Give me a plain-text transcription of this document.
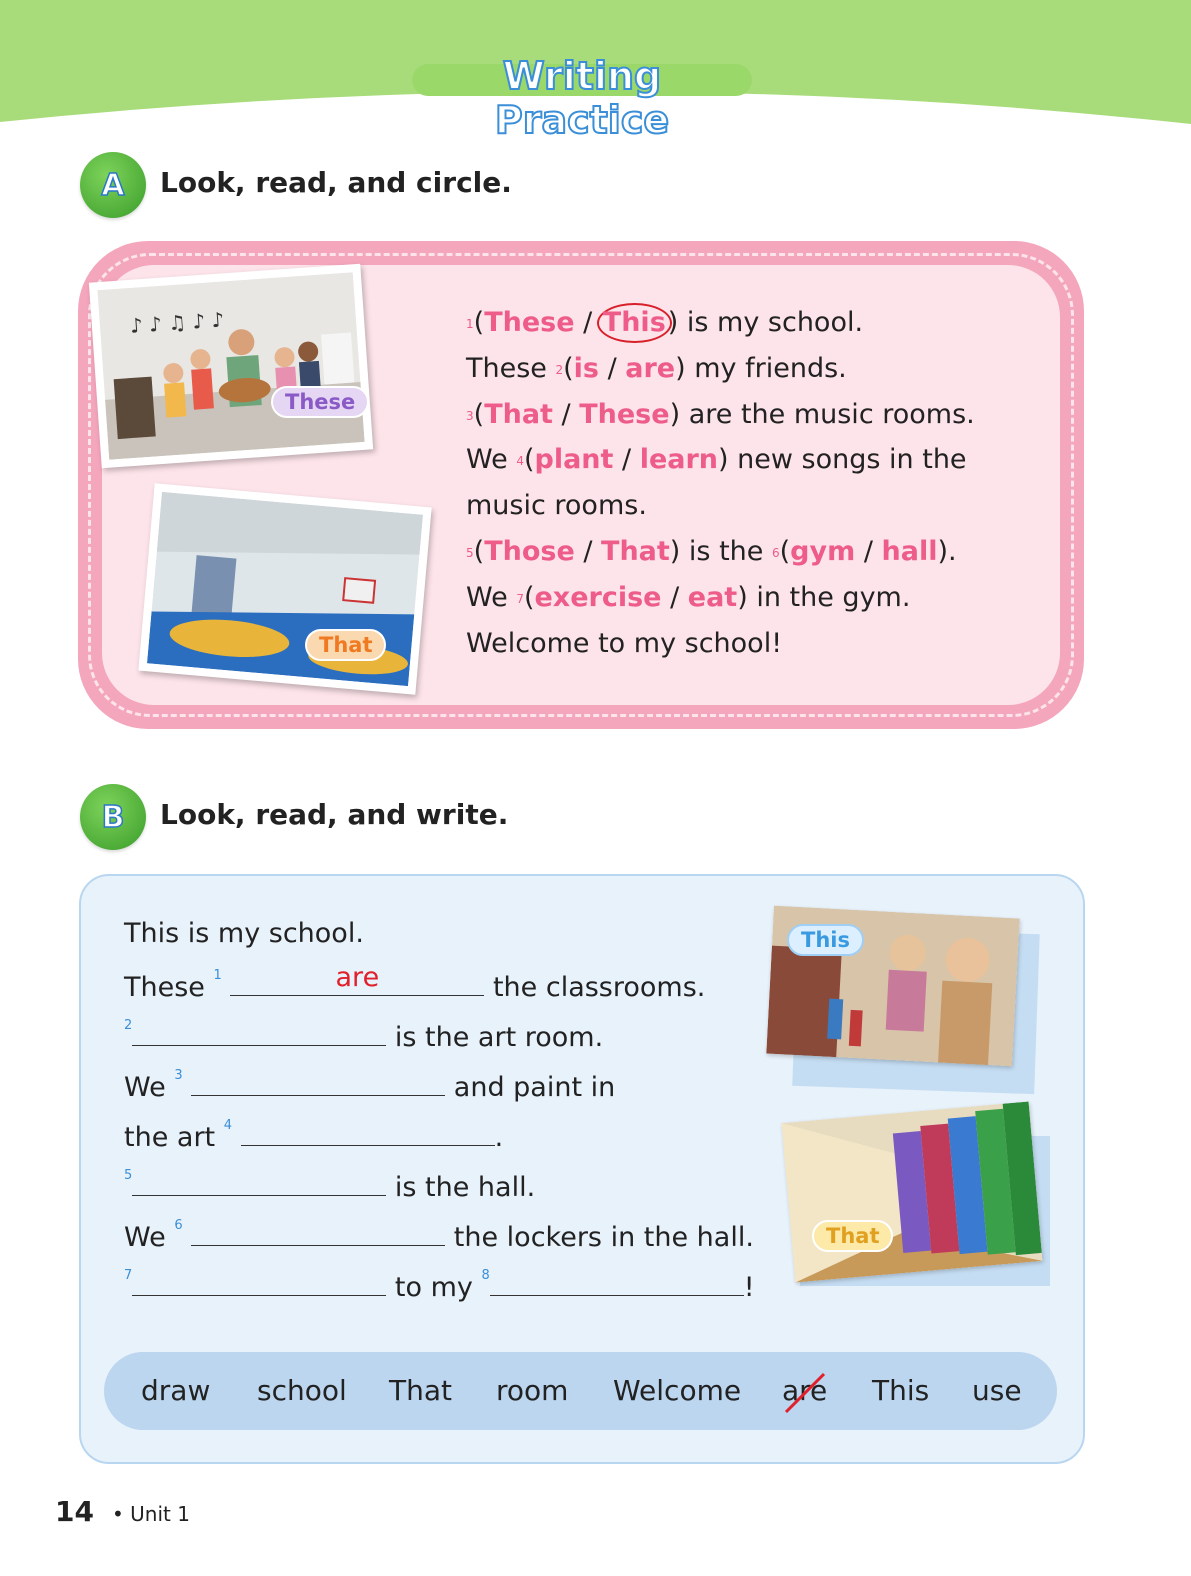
Writing Practice
A Look, read, and circle.
♪ ♪ ♫ ♪ ♪
These
That
$^1$(These / This) is my school.
These $^2$(is / are) my friends.
$^3$(That / These) are the music rooms.
We $^4$(plant / learn) new songs in the
music rooms.
$^5$(Those / That) is the $^6$(gym / hall).
We $^7$(exercise / eat) in the gym.
Welcome to my school!
B Look, read, and write.
This is my school.
These $^1$	are	the classrooms.
$^2$	is the art room.
We $^3$	and paint in
the art $^4$	.
$^5$	is the hall.
We $^6$	the lockers in the hall.
$^7$	to my $^8$	!
This
That
draw school That room Welcome are This use
14 • Unit 1
